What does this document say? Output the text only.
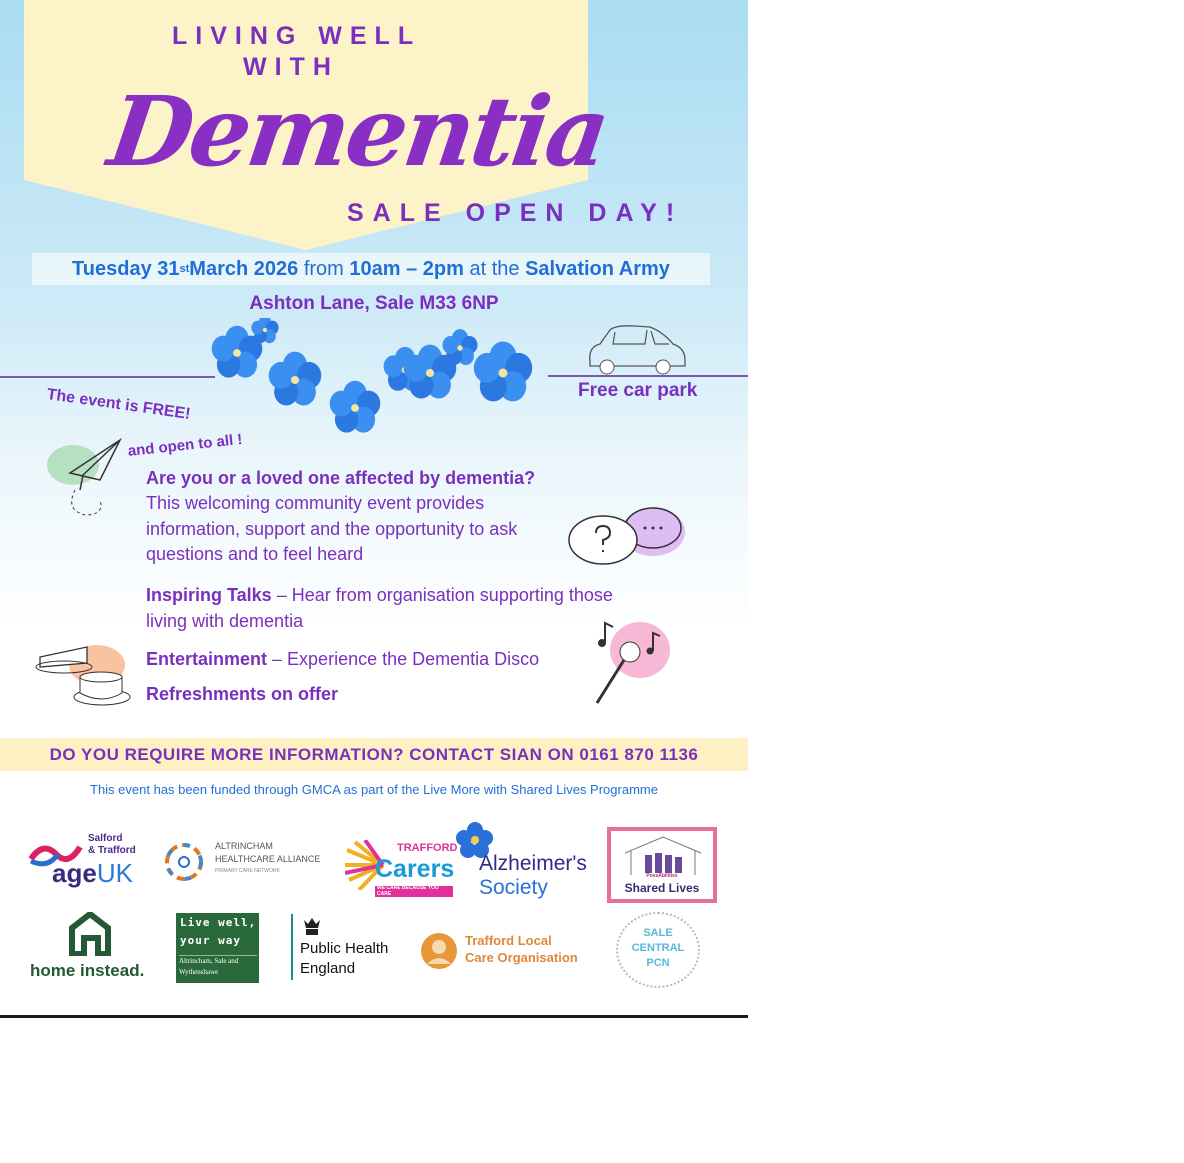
LIVING WELL
WITH
Dementia
SALE OPEN DAY!
Tuesday 31 st March 2026 from 10am – 2pm at the Salvation Army
Ashton Lane, Sale M33 6NP
Free car park
The event is FREE!
and open to all !
Are you or a loved one affected by dementia?
This welcoming community event provides information, support and the opportunity to ask questions and to feel heard
Inspiring Talks – Hear from organisation supporting those living with dementia
Entertainment – Experience the Dementia Disco
Refreshments on offer
DO YOU REQUIRE MORE INFORMATION? CONTACT SIAN ON 0161 870 1136
This event has been funded through GMCA as part of the Live More with Shared Lives Programme
Salford
& Trafford
ageUK
ALTRINCHAM
HEALTHCARE ALLIANCE
PRIMARY CARE NETWORK
TRAFFORD
Carers
WE CARE BECAUSE YOU CARE
Alzheimer's
Society	PossAbilities
Shared Lives
home instead.
Live well,
your way
Altrincham, Sale and Wythenshawe
Public Health
England
Trafford Local
Care Organisation
SALE
CENTRAL
PCN
